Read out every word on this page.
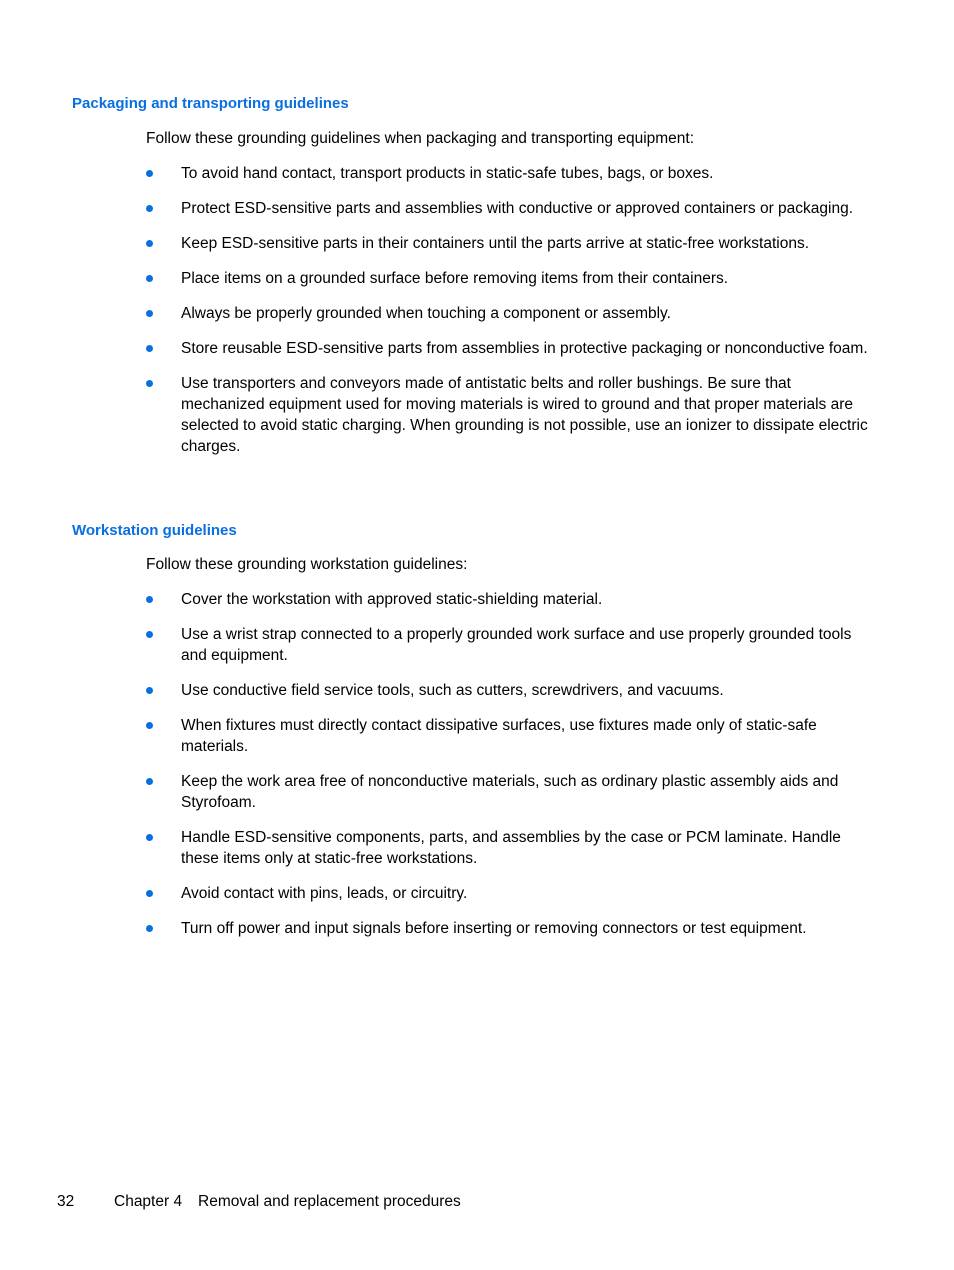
Packaging and transporting guidelines

Follow these grounding guidelines when packaging and transporting equipment:

To avoid hand contact, transport products in static-safe tubes, bags, or boxes.
Protect ESD-sensitive parts and assemblies with conductive or approved containers or packaging.
Keep ESD-sensitive parts in their containers until the parts arrive at static-free workstations.
Place items on a grounded surface before removing items from their containers.
Always be properly grounded when touching a component or assembly.
Store reusable ESD-sensitive parts from assemblies in protective packaging or nonconductive foam.
Use transporters and conveyors made of antistatic belts and roller bushings. Be sure that mechanized equipment used for moving materials is wired to ground and that proper materials are selected to avoid static charging. When grounding is not possible, use an ionizer to dissipate electric charges.
Workstation guidelines

Follow these grounding workstation guidelines:

Cover the workstation with approved static-shielding material.
Use a wrist strap connected to a properly grounded work surface and use properly grounded tools and equipment.
Use conductive field service tools, such as cutters, screwdrivers, and vacuums.
When fixtures must directly contact dissipative surfaces, use fixtures made only of static-safe materials.
Keep the work area free of nonconductive materials, such as ordinary plastic assembly aids and Styrofoam.
Handle ESD-sensitive components, parts, and assemblies by the case or PCM laminate. Handle these items only at static-free workstations.
Avoid contact with pins, leads, or circuitry.
Turn off power and input signals before inserting or removing connectors or test equipment.
32	Chapter 4 Removal and replacement procedures
